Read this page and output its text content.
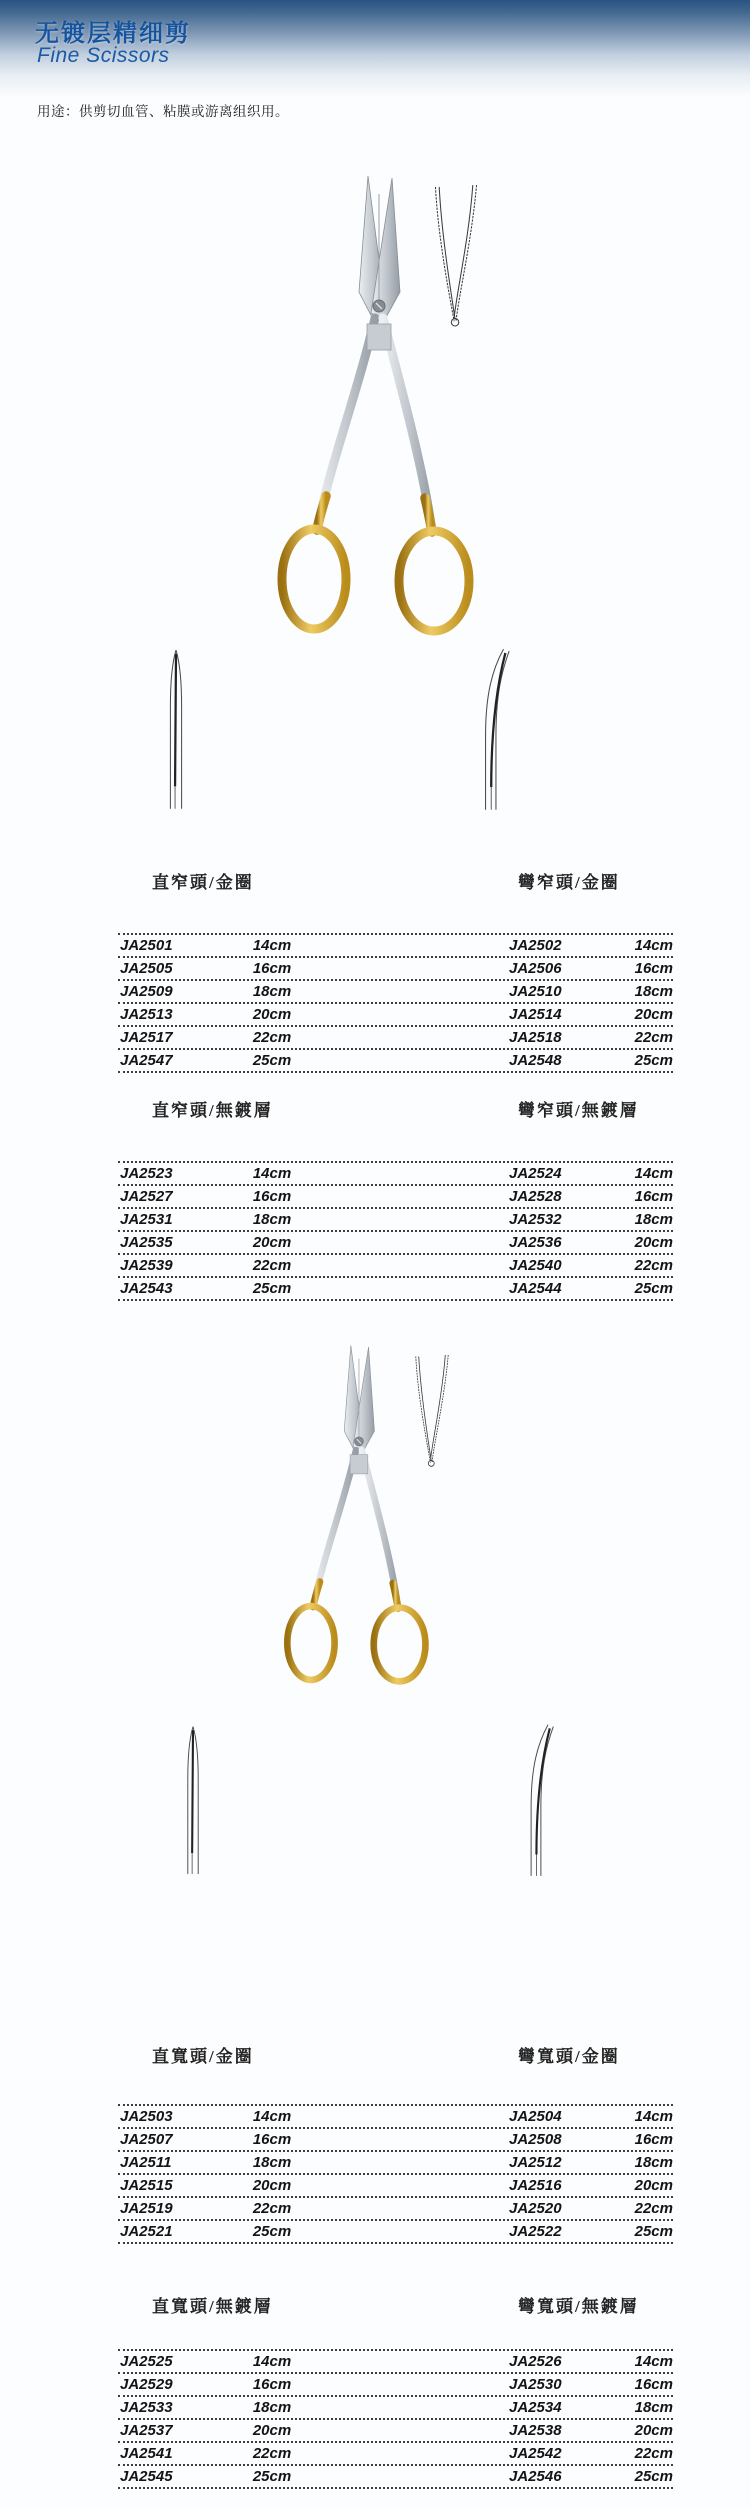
无镀层精细剪
Fine Scissors

用途：供剪切血管、粘膜或游离组织用。

直窄頭/金圈	彎窄頭/金圈
JA2501	14cm	JA2502	14cm
JA2505	16cm	JA2506	16cm
JA2509	18cm	JA2510	18cm
JA2513	20cm	JA2514	20cm
JA2517	22cm	JA2518	22cm
JA2547	25cm	JA2548	25cm
直窄頭/無鍍層	彎窄頭/無鍍層
JA2523	14cm	JA2524	14cm
JA2527	16cm	JA2528	16cm
JA2531	18cm	JA2532	18cm
JA2535	20cm	JA2536	20cm
JA2539	22cm	JA2540	22cm
JA2543	25cm	JA2544	25cm
直寬頭/金圈	彎寬頭/金圈
JA2503	14cm	JA2504	14cm
JA2507	16cm	JA2508	16cm
JA2511	18cm	JA2512	18cm
JA2515	20cm	JA2516	20cm
JA2519	22cm	JA2520	22cm
JA2521	25cm	JA2522	25cm
直寬頭/無鍍層	彎寬頭/無鍍層
JA2525	14cm	JA2526	14cm
JA2529	16cm	JA2530	16cm
JA2533	18cm	JA2534	18cm
JA2537	20cm	JA2538	20cm
JA2541	22cm	JA2542	22cm
JA2545	25cm	JA2546	25cm
